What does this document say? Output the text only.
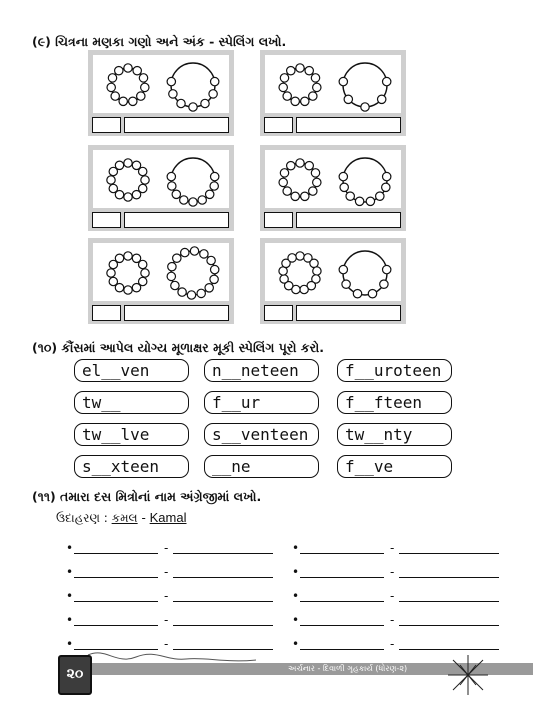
(૯) ચિત્રના મણકા ગણો અને અંક - સ્પેલિંગ લખો.
(૧૦) કૌંસમાં આપેલ યોગ્ય મૂળાક્ષર મૂકી સ્પેલિંગ પૂરો કરો.
el__ven	n__neteen	f__uroteen
tw__	f__ur	f__fteen
tw__lve	s__venteen	tw__nty
s__xteen	__ne	f__ve
(૧૧) તમારા દસ મિત્રોનાં નામ અંગ્રેજીમાં લખો.
ઉદાહરણ : કમલ - Kamal
•	-	•	-
•	-	•	-
•	-	•	-
•	-	•	-
•	-	•	-
અર્ચનાર - દિવાળી ગૃહકાર્ય (ધોરણ-૨)
૨૦
